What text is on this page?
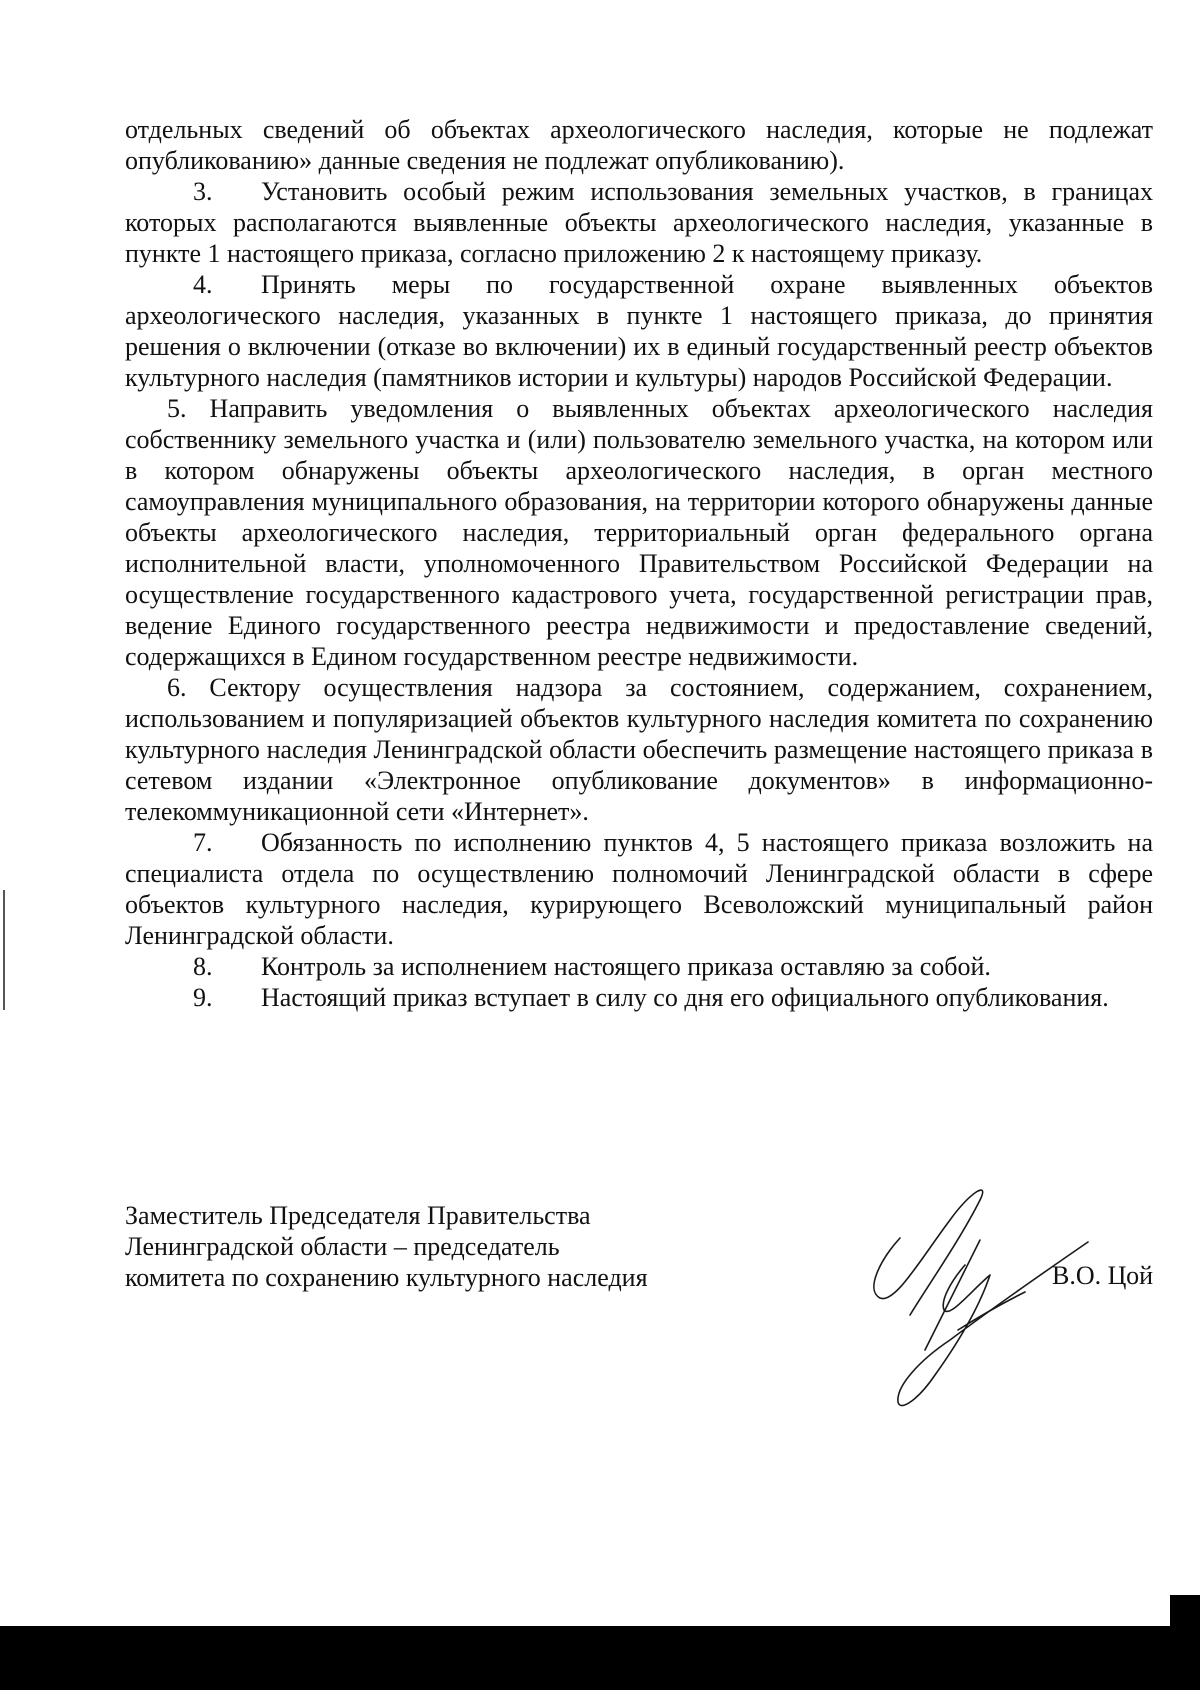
отдельных сведений об объектах археологического наследия, которые не подлежат опубликованию» данные сведения не подлежат опубликованию).

3. Установить особый режим использования земельных участков, в границах которых располагаются выявленные объекты археологического наследия, указанные в пункте 1 настоящего приказа, согласно приложению 2 к настоящему приказу.

4. Принять меры по государственной охране выявленных объектов археологического наследия, указанных в пункте 1 настоящего приказа, до принятия решения о включении (отказе во включении) их в единый государственный реестр объектов культурного наследия (памятников истории и культуры) народов Российской Федерации.

5. Направить уведомления о выявленных объектах археологического наследия собственнику земельного участка и (или) пользователю земельного участка, на котором или в котором обнаружены объекты археологического наследия, в орган местного самоуправления муниципального образования, на территории которого обнаружены данные объекты археологического наследия, территориальный орган федерального органа исполнительной власти, уполномоченного Правительством Российской Федерации на осуществление государственного кадастрового учета, государственной регистрации прав, ведение Единого государственного реестра недвижимости и предоставление сведений, содержащихся в Едином государственном реестре недвижимости.

6. Сектору осуществления надзора за состоянием, содержанием, сохранением, использованием и популяризацией объектов культурного наследия комитета по сохранению культурного наследия Ленинградской области обеспечить размещение настоящего приказа в сетевом издании «Электронное опубликование документов» в информационно-телекоммуникационной сети «Интернет».

7. Обязанность по исполнению пунктов 4, 5 настоящего приказа возложить на специалиста отдела по осуществлению полномочий Ленинградской области в сфере объектов культурного наследия, курирующего Всеволожский муниципальный район Ленинградской области.

8. Контроль за исполнением настоящего приказа оставляю за собой.

9. Настоящий приказ вступает в силу со дня его официального опубликования.

Заместитель Председателя Правительства
Ленинградской области – председатель
комитета по сохранению культурного наследия	В.О. Цой
